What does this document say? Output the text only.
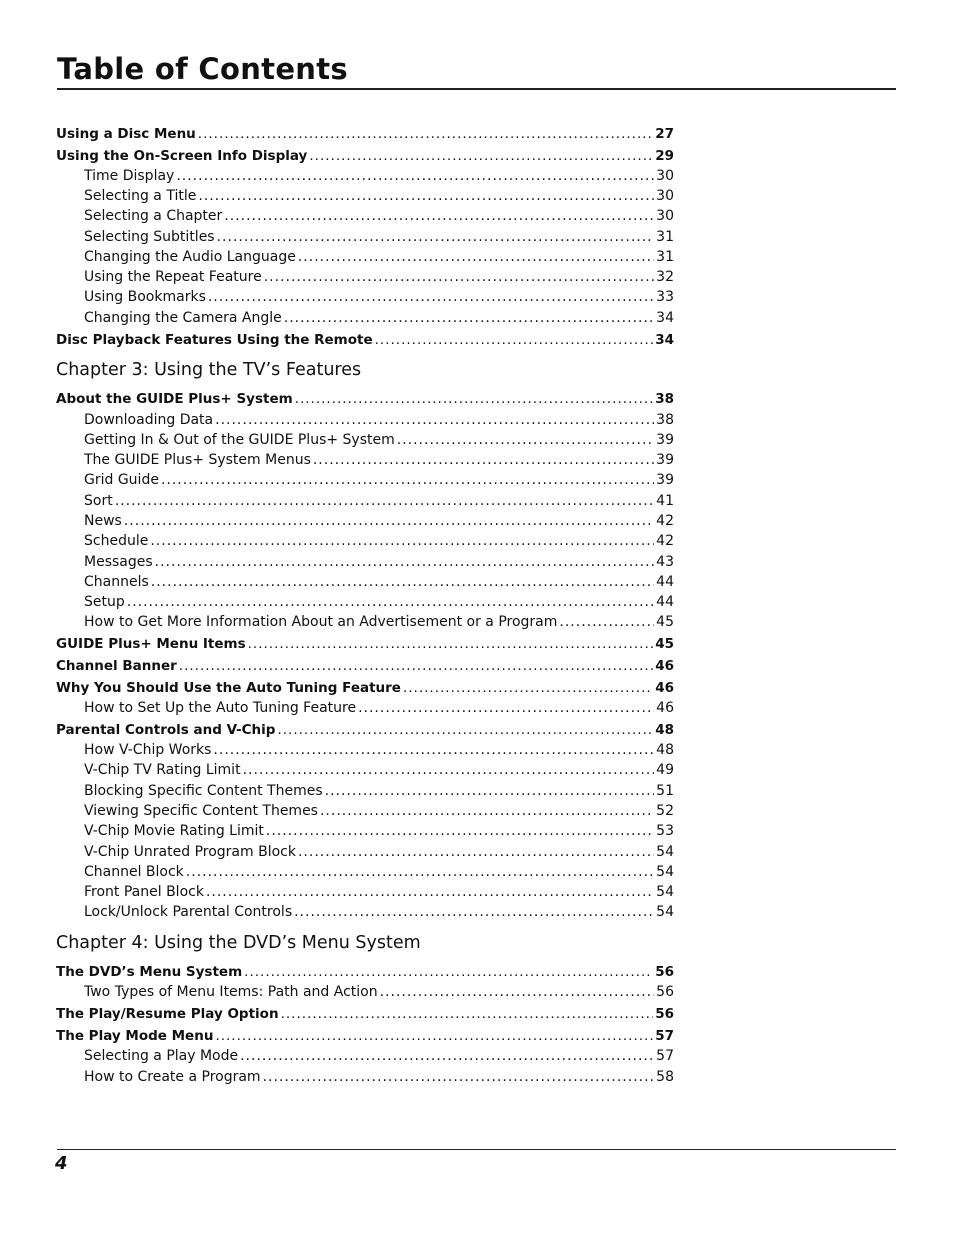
Table of Contents
Using a Disc Menu .....	27
Using the On-Screen Info Display .....	29
Time Display .....	30
Selecting a Title .....	30
Selecting a Chapter .....	30
Selecting Subtitles .....	31
Changing the Audio Language .....	31
Using the Repeat Feature .....	32
Using Bookmarks .....	33
Changing the Camera Angle .....	34
Disc Playback Features Using the Remote .....	34
Chapter 3: Using the TV’s Features
About the GUIDE Plus+ System .....	38
Downloading Data .....	38
Getting In & Out of the GUIDE Plus+ System .....	39
The GUIDE Plus+ System Menus .....	39
Grid Guide .....	39
Sort .....	41
News .....	42
Schedule .....	42
Messages .....	43
Channels .....	44
Setup .....	44
How to Get More Information About an Advertisement or a Program .....	45
GUIDE Plus+ Menu Items .....	45
Channel Banner .....	46
Why You Should Use the Auto Tuning Feature .....	46
How to Set Up the Auto Tuning Feature .....	46
Parental Controls and V-Chip .....	48
How V-Chip Works .....	48
V-Chip TV Rating Limit .....	49
Blocking Specific Content Themes .....	51
Viewing Specific Content Themes .....	52
V-Chip Movie Rating Limit .....	53
V-Chip Unrated Program Block .....	54
Channel Block .....	54
Front Panel Block .....	54
Lock/Unlock Parental Controls .....	54
Chapter 4: Using the DVD’s Menu System
The DVD’s Menu System .....	56
Two Types of Menu Items: Path and Action .....	56
The Play/Resume Play Option .....	56
The Play Mode Menu .....	57
Selecting a Play Mode .....	57
How to Create a Program .....	58
4
